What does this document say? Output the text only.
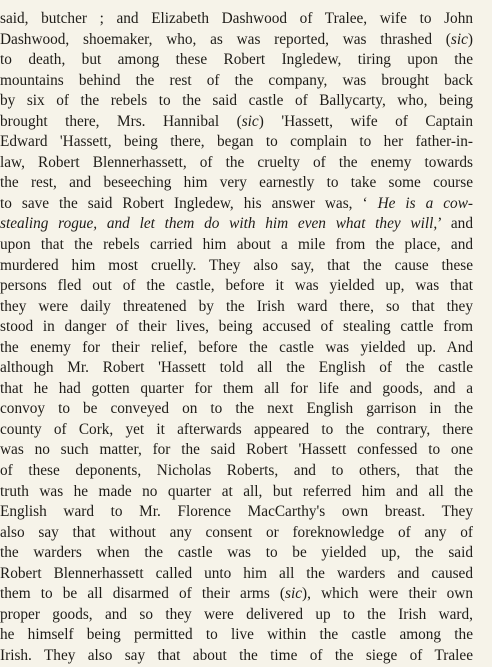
said, butcher ; and Elizabeth Dashwood of Tralee, wife to John
Dashwood, shoemaker, who, as was reported, was thrashed (sic)
to death, but among these Robert Ingledew, tiring upon the
mountains behind the rest of the company, was brought back
by six of the rebels to the said castle of Ballycarty, who, being
brought there, Mrs. Hannibal (sic) 'Hassett, wife of Captain
Edward 'Hassett, being there, began to complain to her father-in-
law, Robert Blennerhassett, of the cruelty of the enemy towards
the rest, and beseeching him very earnestly to take some course
to save the said Robert Ingledew, his answer was, ‘ He is a cow-
stealing rogue, and let them do with him even what they will,’ and
upon that the rebels carried him about a mile from the place, and
murdered him most cruelly. They also say, that the cause these
persons fled out of the castle, before it was yielded up, was that
they were daily threatened by the Irish ward there, so that they
stood in danger of their lives, being accused of stealing cattle from
the enemy for their relief, before the castle was yielded up. And
although Mr. Robert 'Hassett told all the English of the castle
that he had gotten quarter for them all for life and goods, and a
convoy to be conveyed on to the next English garrison in the
county of Cork, yet it afterwards appeared to the contrary, there
was no such matter, for the said Robert 'Hassett confessed to one
of these deponents, Nicholas Roberts, and to others, that the
truth was he made no quarter at all, but referred him and all the
English ward to Mr. Florence MacCarthy's own breast. They
also say that without any consent or foreknowledge of any of
the warders when the castle was to be yielded up, the said
Robert Blennerhassett called unto him all the warders and caused
them to be all disarmed of their arms (sic), which were their own
proper goods, and so they were delivered up to the Irish ward,
he himself being permitted to live within the castle among the
Irish. They also say that about the time of the siege of Tralee
